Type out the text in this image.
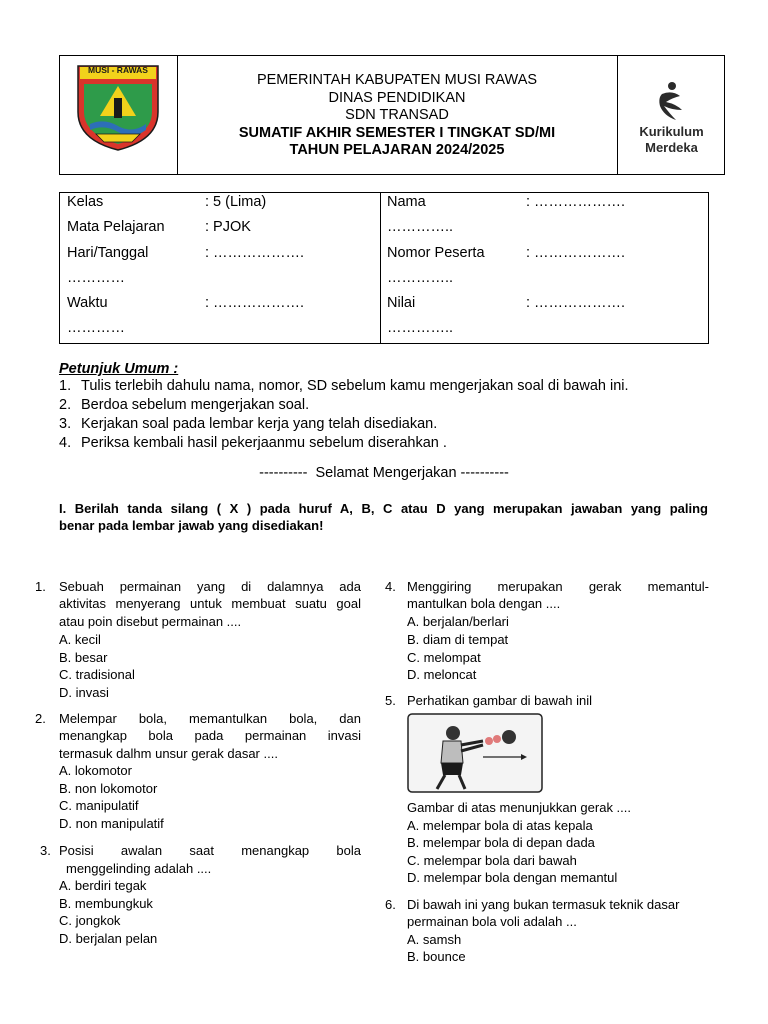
MUSI - RAWAS
PEMERINTAH KABUPATEN MUSI RAWAS
DINAS PENDIDIKAN
SDN TRANSAD
SUMATIF AKHIR SEMESTER I TINGKAT SD/MI
TAHUN PELAJARAN 2024/2025
Kurikulum
Merdeka
Kelas	: 5 (Lima)
Mata Pelajaran	: PJOK
Hari/Tanggal	: ……………….
…………
Waktu	: ……………….
…………
Nama	: ……………….
…………..
Nomor Peserta	: ……………….
…………..
Nilai	: ……………….
…………..
Petunjuk Umum :
1. Tulis terlebih dahulu nama, nomor, SD sebelum kamu mengerjakan soal di bawah ini.
2. Berdoa sebelum mengerjakan soal.
3. Kerjakan soal pada lembar kerja yang telah disediakan.
4. Periksa kembali hasil pekerjaanmu sebelum diserahkan .
----------  Selamat Mengerjakan ----------
I. Berilah tanda silang ( X ) pada huruf A, B, C atau D yang merupakan jawaban yang paling
benar pada lembar jawab yang disediakan!
1. Sebuah permainan yang di dalamnya ada
aktivitas menyerang untuk membuat suatu goal
atau poin disebut permainan ....
A. kecil
B. besar
C. tradisional
D. invasi
2. Melempar bola, memantulkan bola, dan
menangkap bola pada permainan invasi
termasuk dalhm unsur gerak dasar ....
A. lokomotor
B. non lokomotor
C. manipulatif
D. non manipulatif
3. Posisi awalan saat menangkap bola
menggelinding adalah ....
A. berdiri tegak
B. membungkuk
C. jongkok
D. berjalan pelan
4. Menggiring merupakan gerak memantul-
mantulkan bola dengan ....
A. berjalan/berlari
B. diam di tempat
C. melompat
D. meloncat
5. Perhatikan gambar di bawah inil
Gambar di atas menunjukkan gerak ....
A. melempar bola di atas kepala
B. melempar bola di depan dada
C. melempar bola dari bawah
D. melempar bola dengan memantul
6. Di bawah ini yang bukan termasuk teknik dasar
permainan bola voli adalah ...
A. samsh
B. bounce
